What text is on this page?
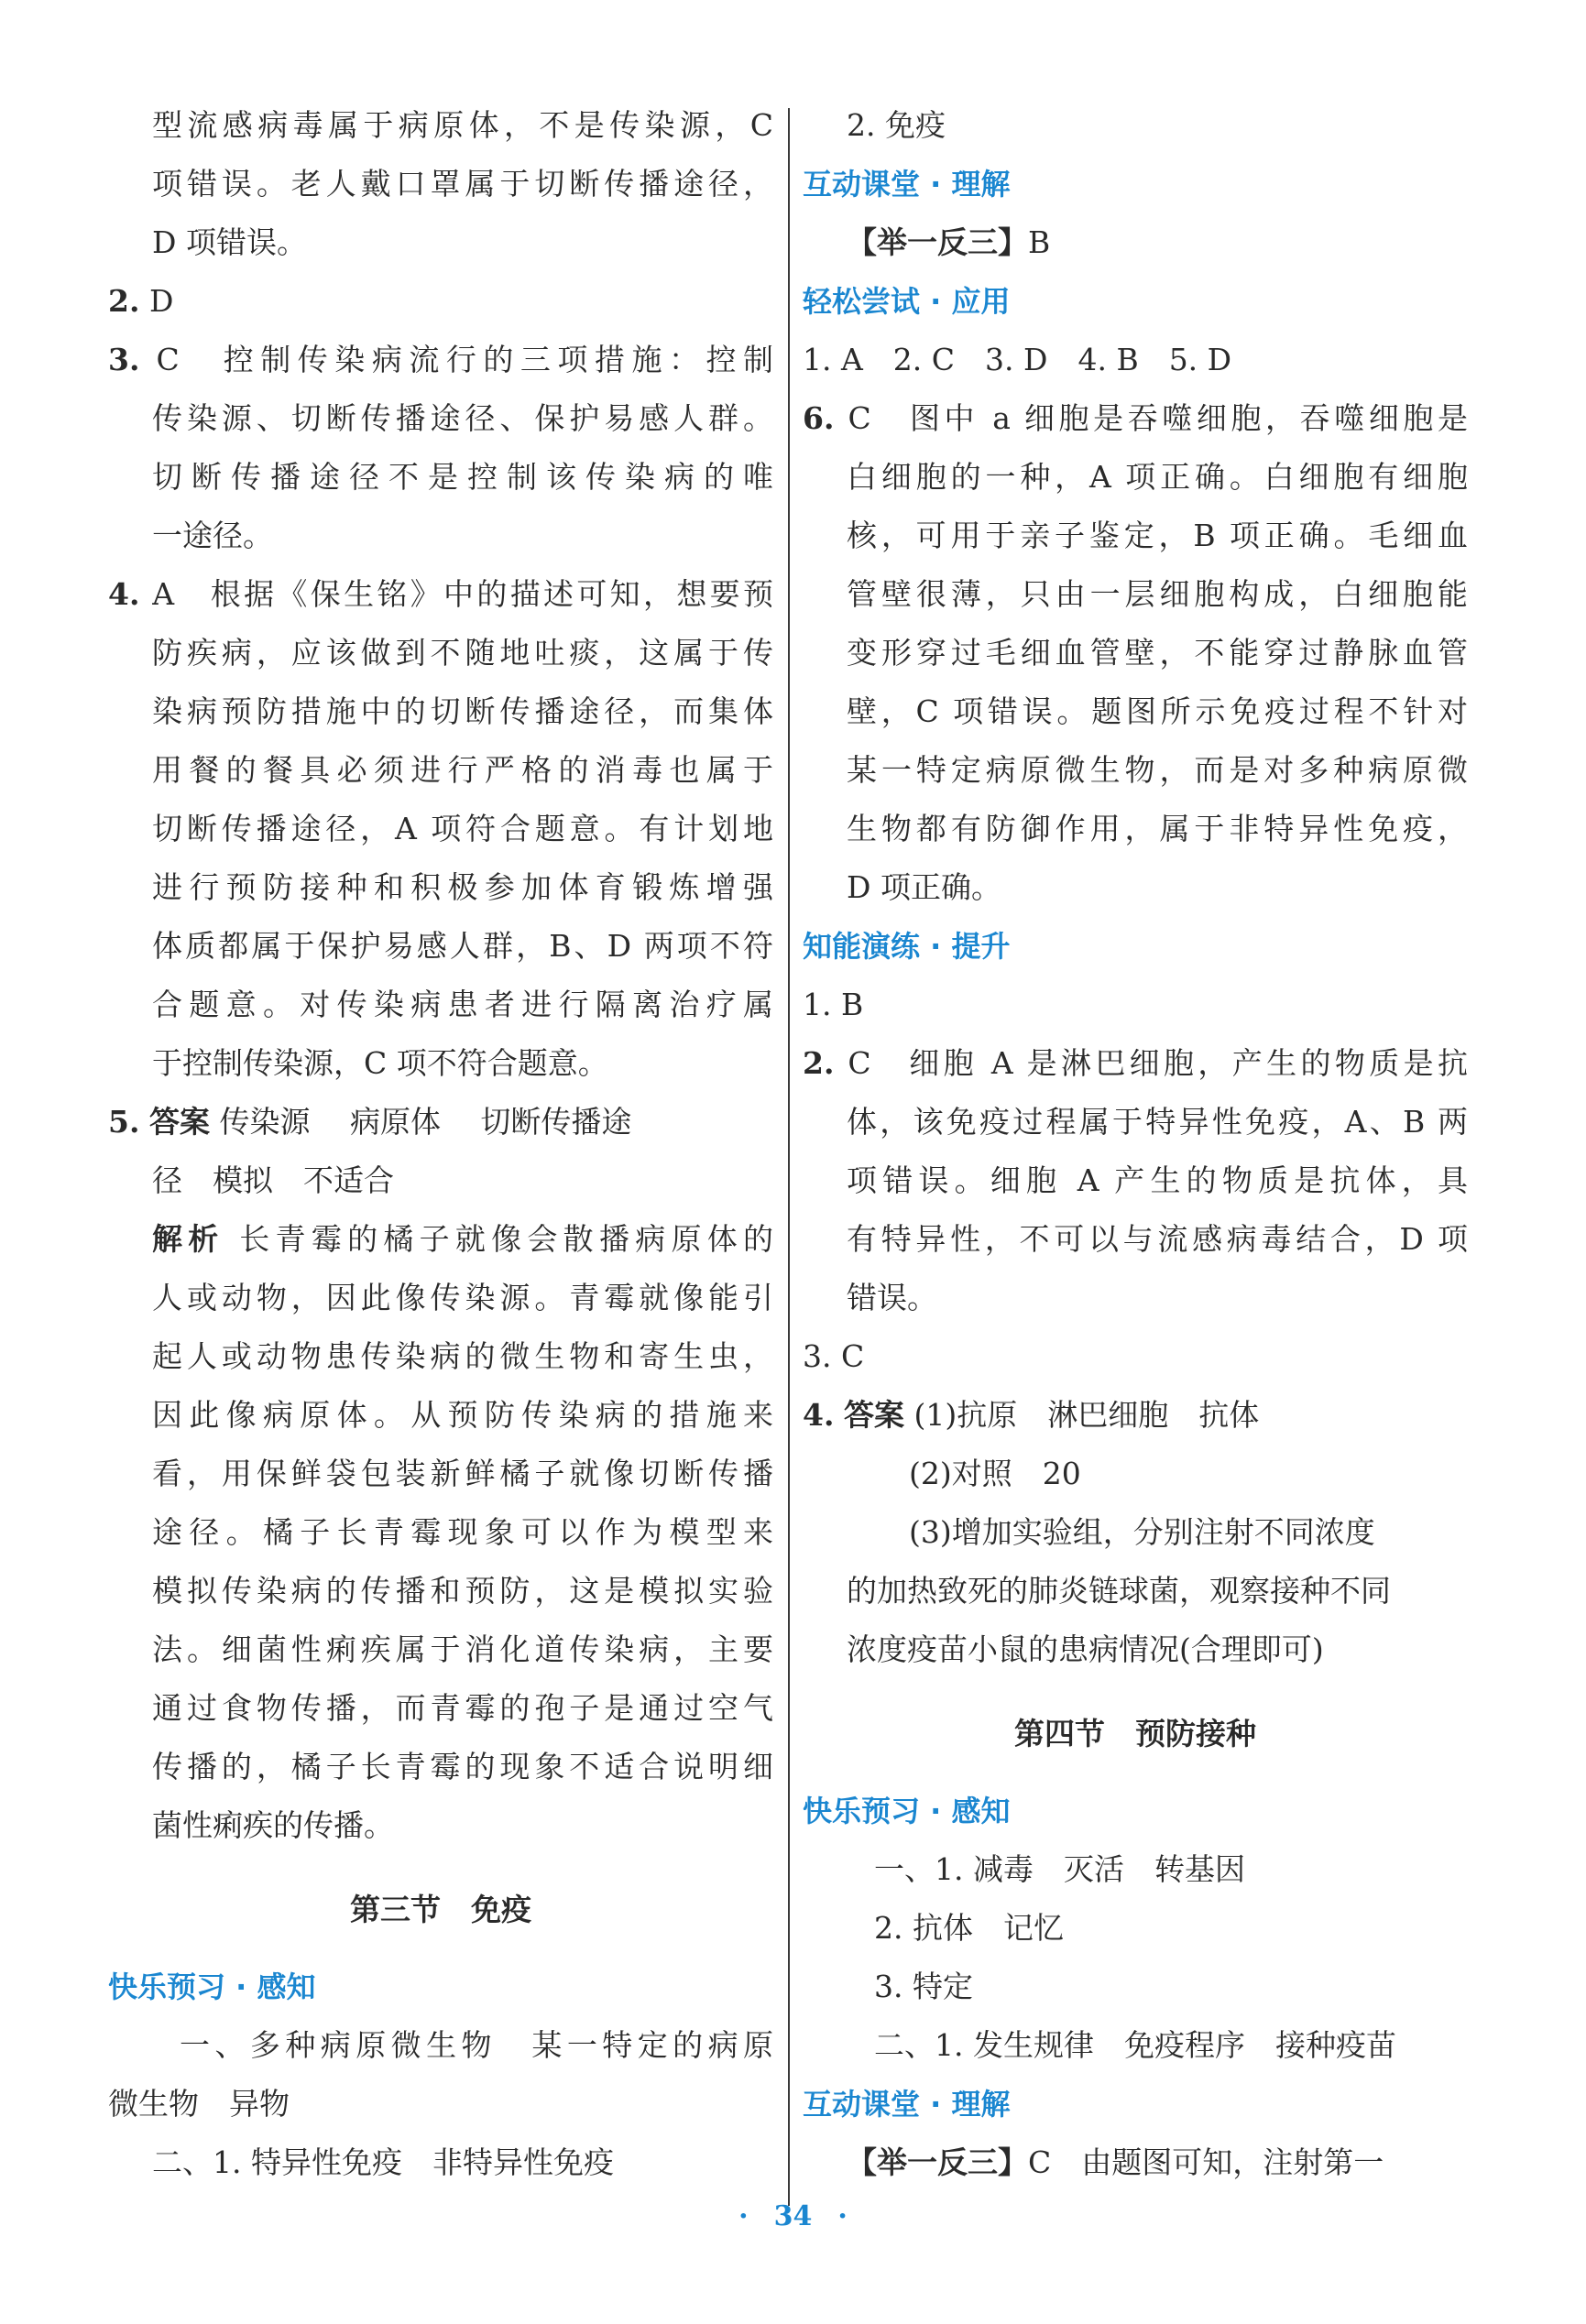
型流感病毒属于病原体，不是传染源，C
项错误。老人戴口罩属于切断传播途径，
D 项错误。
2. D
3. C　控制传染病流行的三项措施：控制
传染源、切断传播途径、保护易感人群。
切断传播途径不是控制该传染病的唯
一途径。
4. A　根据《保生铭》中的描述可知，想要预
防疾病，应该做到不随地吐痰，这属于传
染病预防措施中的切断传播途径，而集体
用餐的餐具必须进行严格的消毒也属于
切断传播途径，A 项符合题意。有计划地
进行预防接种和积极参加体育锻炼增强
体质都属于保护易感人群，B、D 两项不符
合题意。对传染病患者进行隔离治疗属
于控制传染源，C 项不符合题意。
5. 答案 传染源　 病原体　 切断传播途
径　模拟　不适合
解析 长青霉的橘子就像会散播病原体的
人或动物，因此像传染源。青霉就像能引
起人或动物患传染病的微生物和寄生虫，
因此像病原体。从预防传染病的措施来
看，用保鲜袋包装新鲜橘子就像切断传播
途径。橘子长青霉现象可以作为模型来
模拟传染病的传播和预防，这是模拟实验
法。细菌性痢疾属于消化道传染病，主要
通过食物传播，而青霉的孢子是通过空气
传播的，橘子长青霉的现象不适合说明细
菌性痢疾的传播。
第三节　免疫
快乐预习 · 感知
一、多种病原微生物　某一特定的病原
微生物　异物
二、1. 特异性免疫　非特异性免疫
2. 免疫
互动课堂 · 理解
【举一反三】B
轻松尝试 · 应用
1. A　2. C　3. D　4. B　5. D
6. C　图中 a 细胞是吞噬细胞，吞噬细胞是
白细胞的一种，A 项正确。白细胞有细胞
核，可用于亲子鉴定，B 项正确。毛细血
管壁很薄，只由一层细胞构成，白细胞能
变形穿过毛细血管壁，不能穿过静脉血管
壁，C 项错误。题图所示免疫过程不针对
某一特定病原微生物，而是对多种病原微
生物都有防御作用，属于非特异性免疫，
D 项正确。
知能演练 · 提升
1. B
2. C　细胞 A 是淋巴细胞，产生的物质是抗
体，该免疫过程属于特异性免疫，A、B 两
项错误。细胞 A 产生的物质是抗体，具
有特异性，不可以与流感病毒结合，D 项
错误。
3. C
4. 答案 (1)抗原　淋巴细胞　抗体
(2)对照　20
(3)增加实验组，分别注射不同浓度
的加热致死的肺炎链球菌，观察接种不同
浓度疫苗小鼠的患病情况(合理即可)
第四节　预防接种
快乐预习 · 感知
一、1. 减毒　灭活　转基因
2. 抗体　记忆
3. 特定
二、1. 发生规律　免疫程序　接种疫苗
互动课堂 · 理解
【举一反三】C　由题图可知，注射第一
· 34 ·
